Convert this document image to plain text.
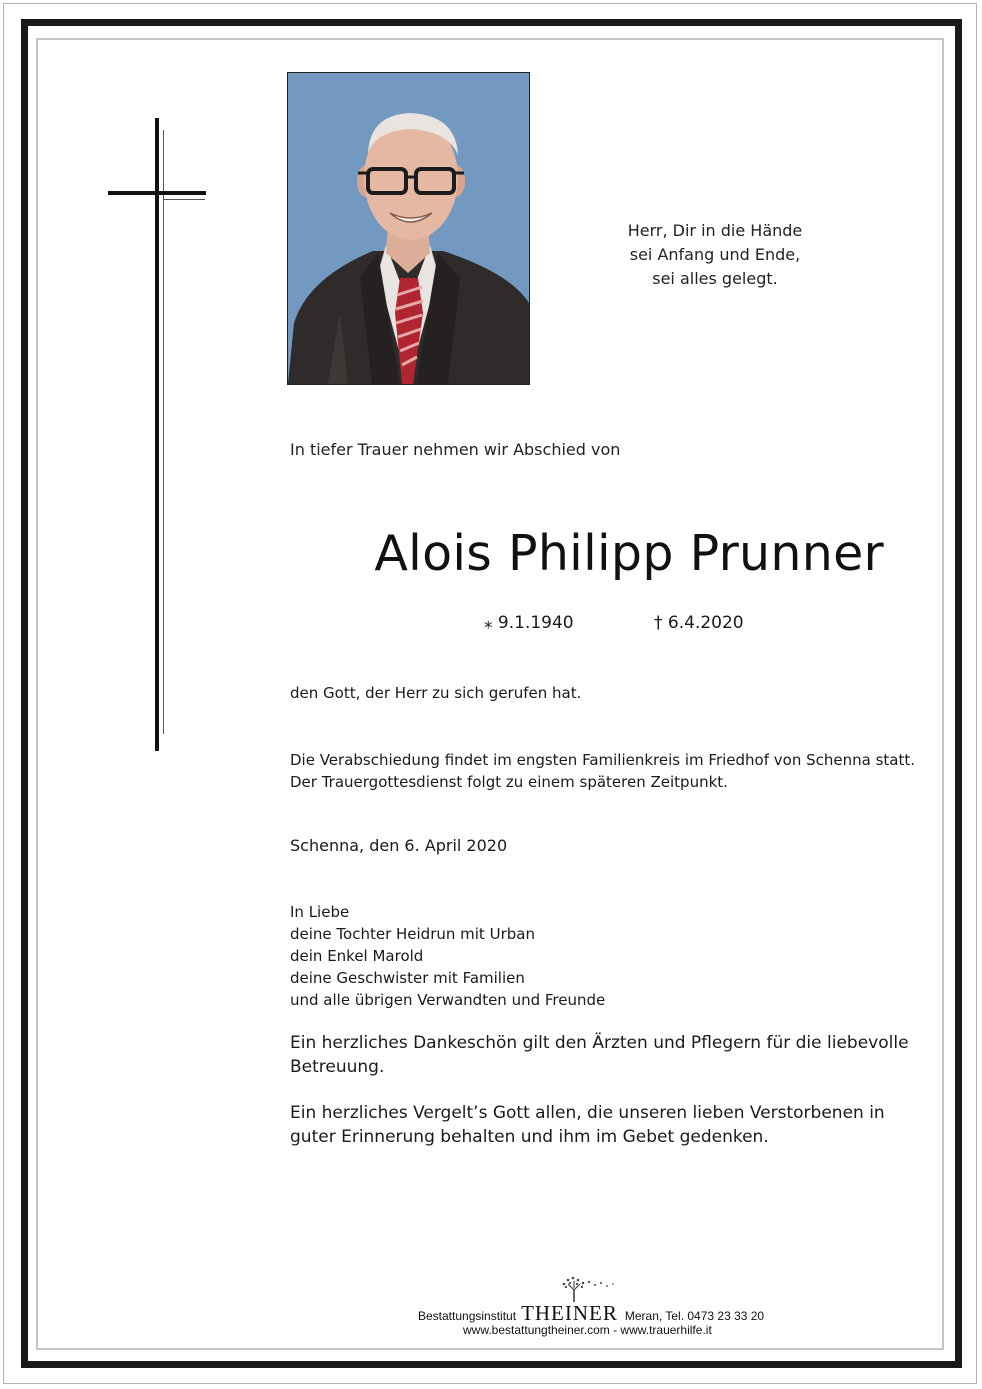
Herr, Dir in die Hände
sei Anfang und Ende,
sei alles gelegt.
In tiefer Trauer nehmen wir Abschied von
Alois Philipp Prunner
⁎ 9.1.1940	† 6.4.2020
den Gott, der Herr zu sich gerufen hat.
Die Verabschiedung findet im engsten Familienkreis im Friedhof von Schenna statt.
Der Trauergottesdienst folgt zu einem späteren Zeitpunkt.
Schenna, den 6. April 2020
In Liebe
deine Tochter Heidrun mit Urban
dein Enkel Marold
deine Geschwister mit Familien
und alle übrigen Verwandten und Freunde
Ein herzliches Dankeschön gilt den Ärzten und Pflegern für die liebevolle Betreuung.
Ein herzliches Vergelt’s Gott allen, die unseren lieben Verstorbenen in guter Erinnerung behalten und ihm im Gebet gedenken.
Bestattungsinstitut THEINER Meran, Tel. 0473 23 33 20
www.bestattungtheiner.com - www.trauerhilfe.it
